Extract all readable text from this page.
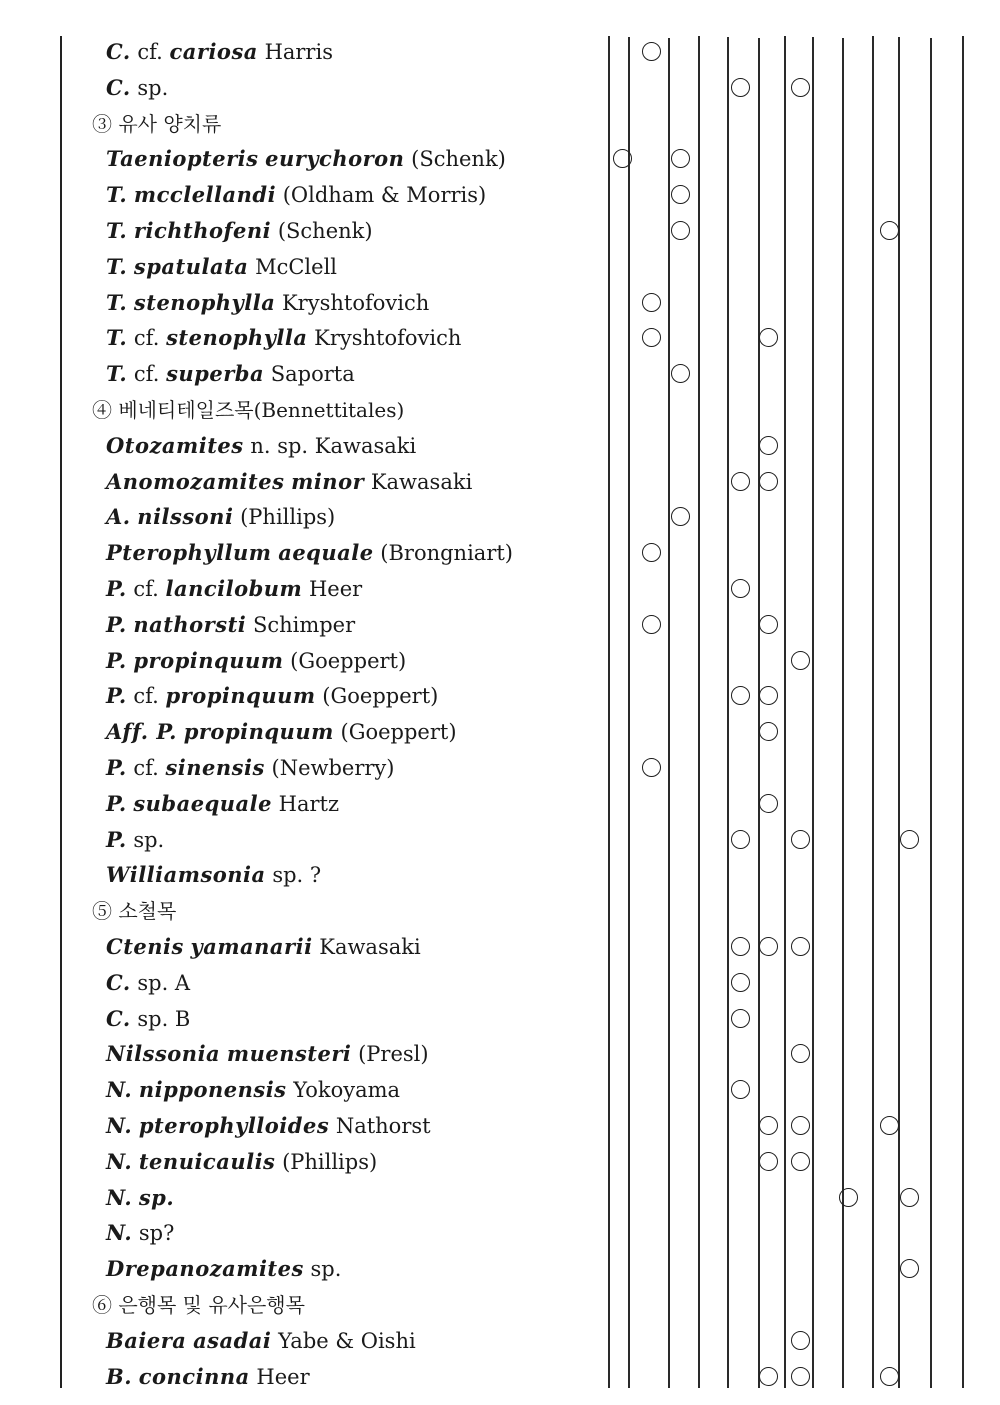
C. cf. cariosa Harris
C. sp.
③ 유사 양치류
Taeniopteris eurychoron (Schenk)
T. mcclellandi (Oldham & Morris)
T. richthofeni (Schenk)
T. spatulata McClell
T. stenophylla Kryshtofovich
T. cf. stenophylla Kryshtofovich
T. cf. superba Saporta
④ 베네티테일즈목(Bennettitales)
Otozamites n. sp. Kawasaki
Anomozamites minor Kawasaki
A. nilssoni (Phillips)
Pterophyllum aequale (Brongniart)
P. cf. lancilobum Heer
P. nathorsti Schimper
P. propinquum (Goeppert)
P. cf. propinquum (Goeppert)
Aff. P. propinquum (Goeppert)
P. cf. sinensis (Newberry)
P. subaequale Hartz
P. sp.
Williamsonia sp. ?
⑤ 소철목
Ctenis yamanarii Kawasaki
C. sp. A
C. sp. B
Nilssonia muensteri (Presl)
N. nipponensis Yokoyama
N. pterophylloides Nathorst
N. tenuicaulis (Phillips)
N. sp.
N. sp?
Drepanozamites sp.
⑥ 은행목 및 유사은행목
Baiera asadai Yabe & Oishi
B. concinna Heer
